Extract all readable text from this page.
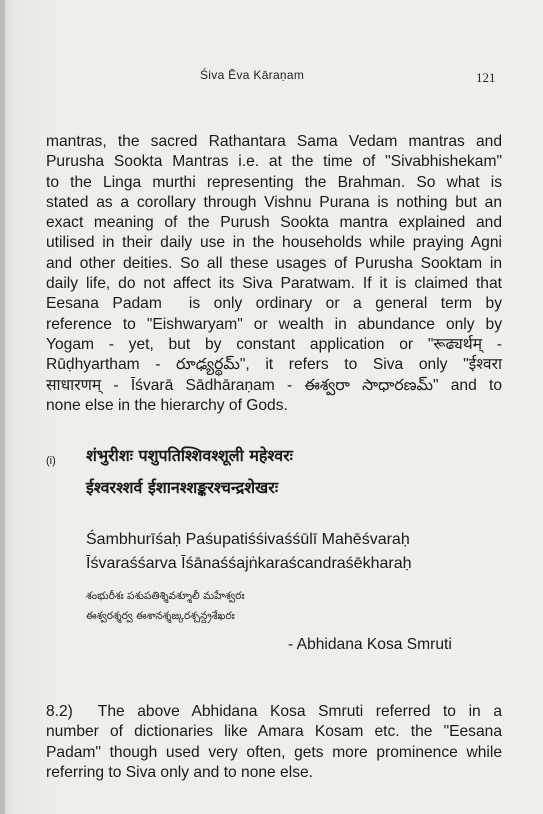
Śiva Ēva Kāraṇam	121
mantras, the sacred Rathantara Sama Vedam mantras and
Purusha Sookta Mantras i.e. at the time of "Sivabhishekam"
to the Linga murthi representing the Brahman. So what is
stated as a corollary through Vishnu Purana is nothing but an
exact meaning of the Purush Sookta mantra explained and
utilised in their daily use in the households while praying Agni
and other deities. So all these usages of Purusha Sooktam in
daily life, do not affect its Siva Paratwam. If it is claimed that
Eesana Padam  is only ordinary or a general term by
reference to "Eishwaryam" or wealth in abundance only by
Yogam - yet, but by constant application or "रूढ्यर्थम् -
Rūḍhyartham - రూఢ్యర్థమ్", it refers to Siva only "ईश्वरा
साधारणम् - Īśvarā Sādhāraṇam - ఈశ్వరా సాధారణమ్" and to
none else in the hierarchy of Gods.
(i) शंभुरीशः पशुपतिश्शिवश्शूली महेश्वरः
ईश्वरश्शर्व ईशानश्शङ्करश्चन्द्रशेखरः
Śambhurīśaḥ Paśupatiśśivaśśūlī Mahēśvaraḥ
Īśvaraśśarva Īśānaśśajṅkaraścandraśēkharaḥ
శంభురీశః పశుపతిశ్శివశ్శూలీ మహేశ్వరః
ఈశ్వరశ్శర్వ ఈశానశ్శజ్కరశ్చన్ద్రశేఖరః
- Abhidana Kosa Smruti
8.2)  The above Abhidana Kosa Smruti referred to in a
number of dictionaries like Amara Kosam etc. the "Eesana
Padam" though used very often, gets more prominence while
referring to Siva only and to none else.
